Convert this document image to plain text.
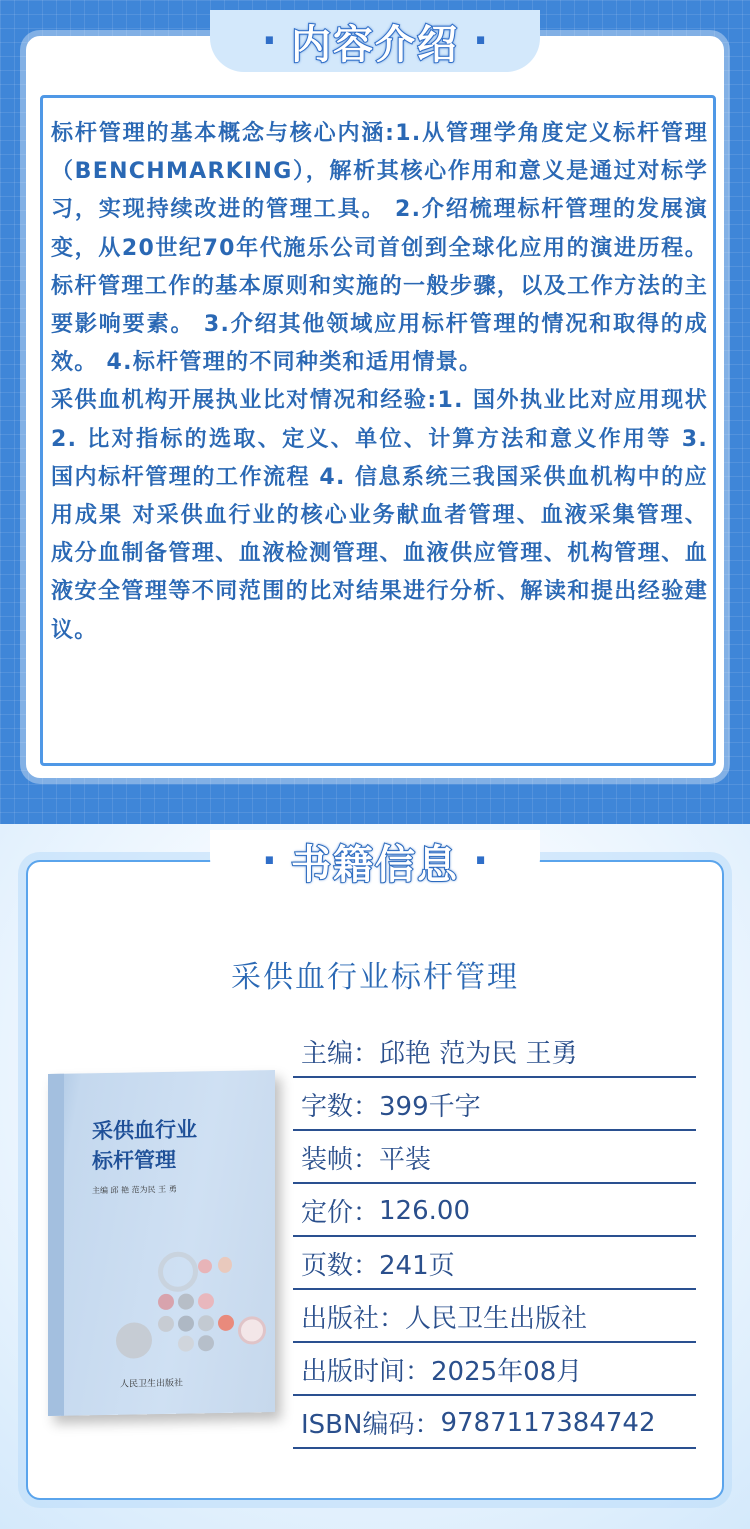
· 内容介绍 ·

标杆管理的基本概念与核心内涵:1.从管理学角度定义标杆管理（BENCHMARKING），解析其核心作用和意义是通过对标学习，实现持续改进的管理工具。 2.介绍梳理标杆管理的发展演变，从20世纪70年代施乐公司首创到全球化应用的演进历程。标杆管理工作的基本原则和实施的一般步骤，以及工作方法的主要影响要素。 3.介绍其他领域应用标杆管理的情况和取得的成效。 4.标杆管理的不同种类和适用情景。

采供血机构开展执业比对情况和经验:1. 国外执业比对应用现状 2. 比对指标的选取、定义、单位、计算方法和意义作用等 3. 国内标杆管理的工作流程 4. 信息系统三我国采供血机构中的应用成果 对采供血行业的核心业务献血者管理、血液采集管理、成分血制备管理、血液检测管理、血液供应管理、机构管理、血液安全管理等不同范围的比对结果进行分析、解读和提出经验建议。

· 书籍信息 ·
采供血行业标杆管理
采供血行业
标杆管理
主编 邱 艳 范为民 王 勇
人民卫生出版社
主编： 邱艳 范为民 王勇
字数： 399千字
装帧： 平装
定价： 126.00
页数： 241页
出版社： 人民卫生出版社
出版时间： 2025年08月
ISBN编码： 9787117384742
